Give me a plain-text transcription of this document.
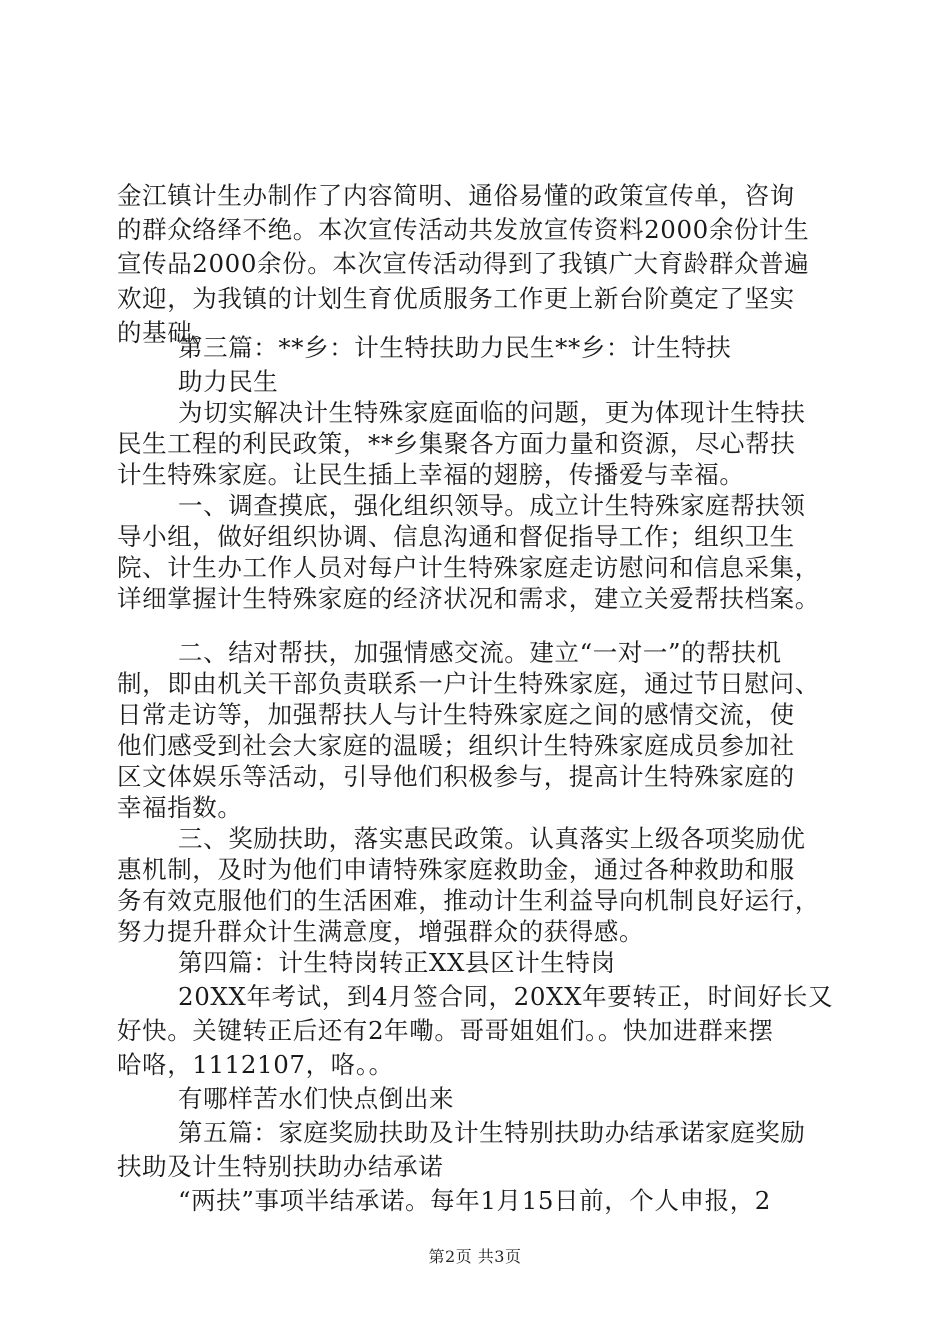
金江镇计生办制作了内容简明、通俗易懂的政策宣传单，咨询
的群众络绎不绝。本次宣传活动共发放宣传资料2000余份计生
宣传品2000余份。本次宣传活动得到了我镇广大育龄群众普遍
欢迎，为我镇的计划生育优质服务工作更上新台阶奠定了坚实
的基础。
第三篇：**乡：计生特扶助力民生**乡：计生特扶
助力民生
为切实解决计生特殊家庭面临的问题，更为体现计生特扶
民生工程的利民政策，**乡集聚各方面力量和资源，尽心帮扶
计生特殊家庭。让民生插上幸福的翅膀，传播爱与幸福。
一、调查摸底，强化组织领导。成立计生特殊家庭帮扶领
导小组，做好组织协调、信息沟通和督促指导工作；组织卫生
院、计生办工作人员对每户计生特殊家庭走访慰问和信息采集，
详细掌握计生特殊家庭的经济状况和需求，建立关爱帮扶档案。
二、结对帮扶，加强情感交流。建立“一对一”的帮扶机
制，即由机关干部负责联系一户计生特殊家庭，通过节日慰问、
日常走访等，加强帮扶人与计生特殊家庭之间的感情交流，使
他们感受到社会大家庭的温暖；组织计生特殊家庭成员参加社
区文体娱乐等活动，引导他们积极参与，提高计生特殊家庭的
幸福指数。
三、奖励扶助，落实惠民政策。认真落实上级各项奖励优
惠机制，及时为他们申请特殊家庭救助金，通过各种救助和服
务有效克服他们的生活困难，推动计生利益导向机制良好运行，
努力提升群众计生满意度，增强群众的获得感。
第四篇：计生特岗转正XX县区计生特岗
20XX年考试，到4月签合同，20XX年要转正，时间好长又
好快。关键转正后还有2年嘞。哥哥姐姐们。。快加进群来摆
哈咯，1112107，咯。。
有哪样苦水们快点倒出来
第五篇：家庭奖励扶助及计生特别扶助办结承诺家庭奖励
扶助及计生特别扶助办结承诺
“两扶”事项半结承诺。每年1月15日前，个人申报，2
第2页 共3页
